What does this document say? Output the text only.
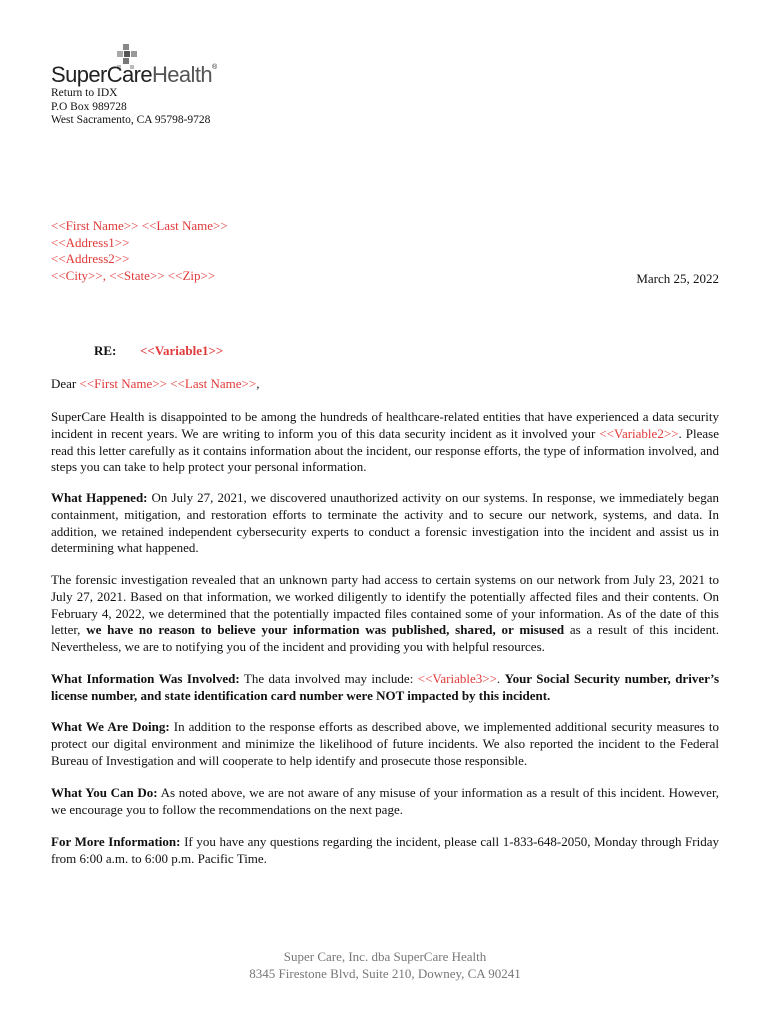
SuperCareHealth®
Return to IDX
P.O Box 989728
West Sacramento, CA 95798-9728
<<First Name>> <<Last Name>>
<<Address1>>
<<Address2>>
<<City>>, <<State>> <<Zip>>	March 25, 2022
RE: <<Variable1>>
Dear <<First Name>> <<Last Name>>,
SuperCare Health is disappointed to be among the hundreds of healthcare-related entities that have experienced a data security incident in recent years. We are writing to inform you of this data security incident as it involved your <<Variable2>>. Please read this letter carefully as it contains information about the incident, our response efforts, the type of information involved, and steps you can take to help protect your personal information.
What Happened: On July 27, 2021, we discovered unauthorized activity on our systems. In response, we immediately began containment, mitigation, and restoration efforts to terminate the activity and to secure our network, systems, and data. In addition, we retained independent cybersecurity experts to conduct a forensic investigation into the incident and assist us in determining what happened.
The forensic investigation revealed that an unknown party had access to certain systems on our network from July 23, 2021 to July 27, 2021. Based on that information, we worked diligently to identify the potentially affected files and their contents. On February 4, 2022, we determined that the potentially impacted files contained some of your information. As of the date of this letter, we have no reason to believe your information was published, shared, or misused as a result of this incident. Nevertheless, we are to notifying you of the incident and providing you with helpful resources.
What Information Was Involved: The data involved may include: <<Variable3>>. Your Social Security number, driver’s license number, and state identification card number were NOT impacted by this incident.
What We Are Doing: In addition to the response efforts as described above, we implemented additional security measures to protect our digital environment and minimize the likelihood of future incidents. We also reported the incident to the Federal Bureau of Investigation and will cooperate to help identify and prosecute those responsible.
What You Can Do: As noted above, we are not aware of any misuse of your information as a result of this incident. However, we encourage you to follow the recommendations on the next page.
For More Information: If you have any questions regarding the incident, please call 1-833-648-2050, Monday through Friday from 6:00 a.m. to 6:00 p.m. Pacific Time.
Super Care, Inc. dba SuperCare Health
8345 Firestone Blvd, Suite 210, Downey, CA 90241
